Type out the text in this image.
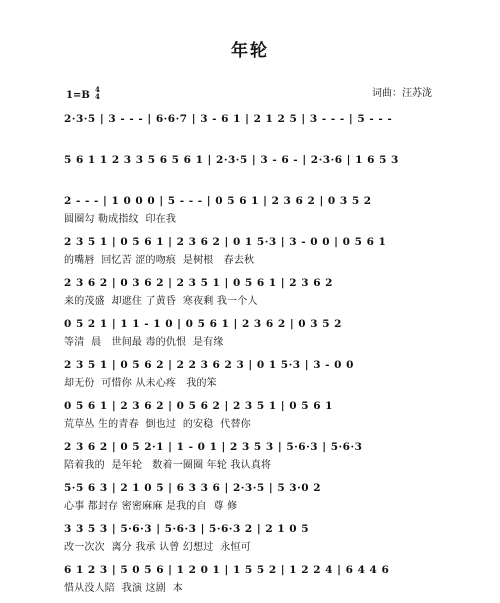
年轮
词曲：汪苏泷
1=B
4
4
2·3·5 | 3 - - - | 6·6·7 | 3 - 6 1 | 2 1 2 5 | 3 - - - | 5 - - -
5 6 1 1 2 3 3 5 6 5 6 1 | 2·3·5 | 3 - 6 - | 2·3·6 | 1 6 5 3
2 - - - | 1 0 0 0 | 5 - - - | 0 5 6 1 | 2 3 6 2 | 0 3 5 2
圆圈勾 勒成指纹  印在我
2 3 5 1 | 0 5 6 1 | 2 3 6 2 | 0 1 5·3 | 3 - 0 0 | 0 5 6 1
的嘴唇  回忆苦 涩的吻痕  是树根   春去秋
2 3 6 2 | 0 3 6 2 | 2 3 5 1 | 0 5 6 1 | 2 3 6 2
来的茂盛  却遮住 了黄昏  寒夜剩 我一个人
0 5 2 1 | 1 1 - 1 0 | 0 5 6 1 | 2 3 6 2 | 0 3 5 2
等清  晨   世间最 毒的仇恨  是有缘
2 3 5 1 | 0 5 6 2 | 2 2 3 6 2 3 | 0 1 5·3 | 3 - 0 0
却无份  可惜你 从未心疼   我的笨
0 5 6 1 | 2 3 6 2 | 0 5 6 2 | 2 3 5 1 | 0 5 6 1
荒草丛 生的青春  倒也过  的安稳  代替你
2 3 6 2 | 0 5 2·1 | 1 - 0 1 | 2 3 5 3 | 5·6·3 | 5·6·3
陪着我的  是年轮   数着一圈圈 年轮 我认真将
5·5 6 3 | 2 1 0 5 | 6 3 3 6 | 2·3·5 | 5 3·0 2
心事 都封存 密密麻麻 是我的自  尊 修
3 3 5 3 | 5·6·3 | 5·6·3 | 5·6·3 2 | 2 1 0 5
改一次次  离分 我承 认曾 幻想过  永恒可
6 1 2 3 | 5 0 5 6 | 1 2 0 1 | 1 5 5 2 | 1 2 2 4 | 6 4 4 6
惜从没人陪  我演 这剧  本
